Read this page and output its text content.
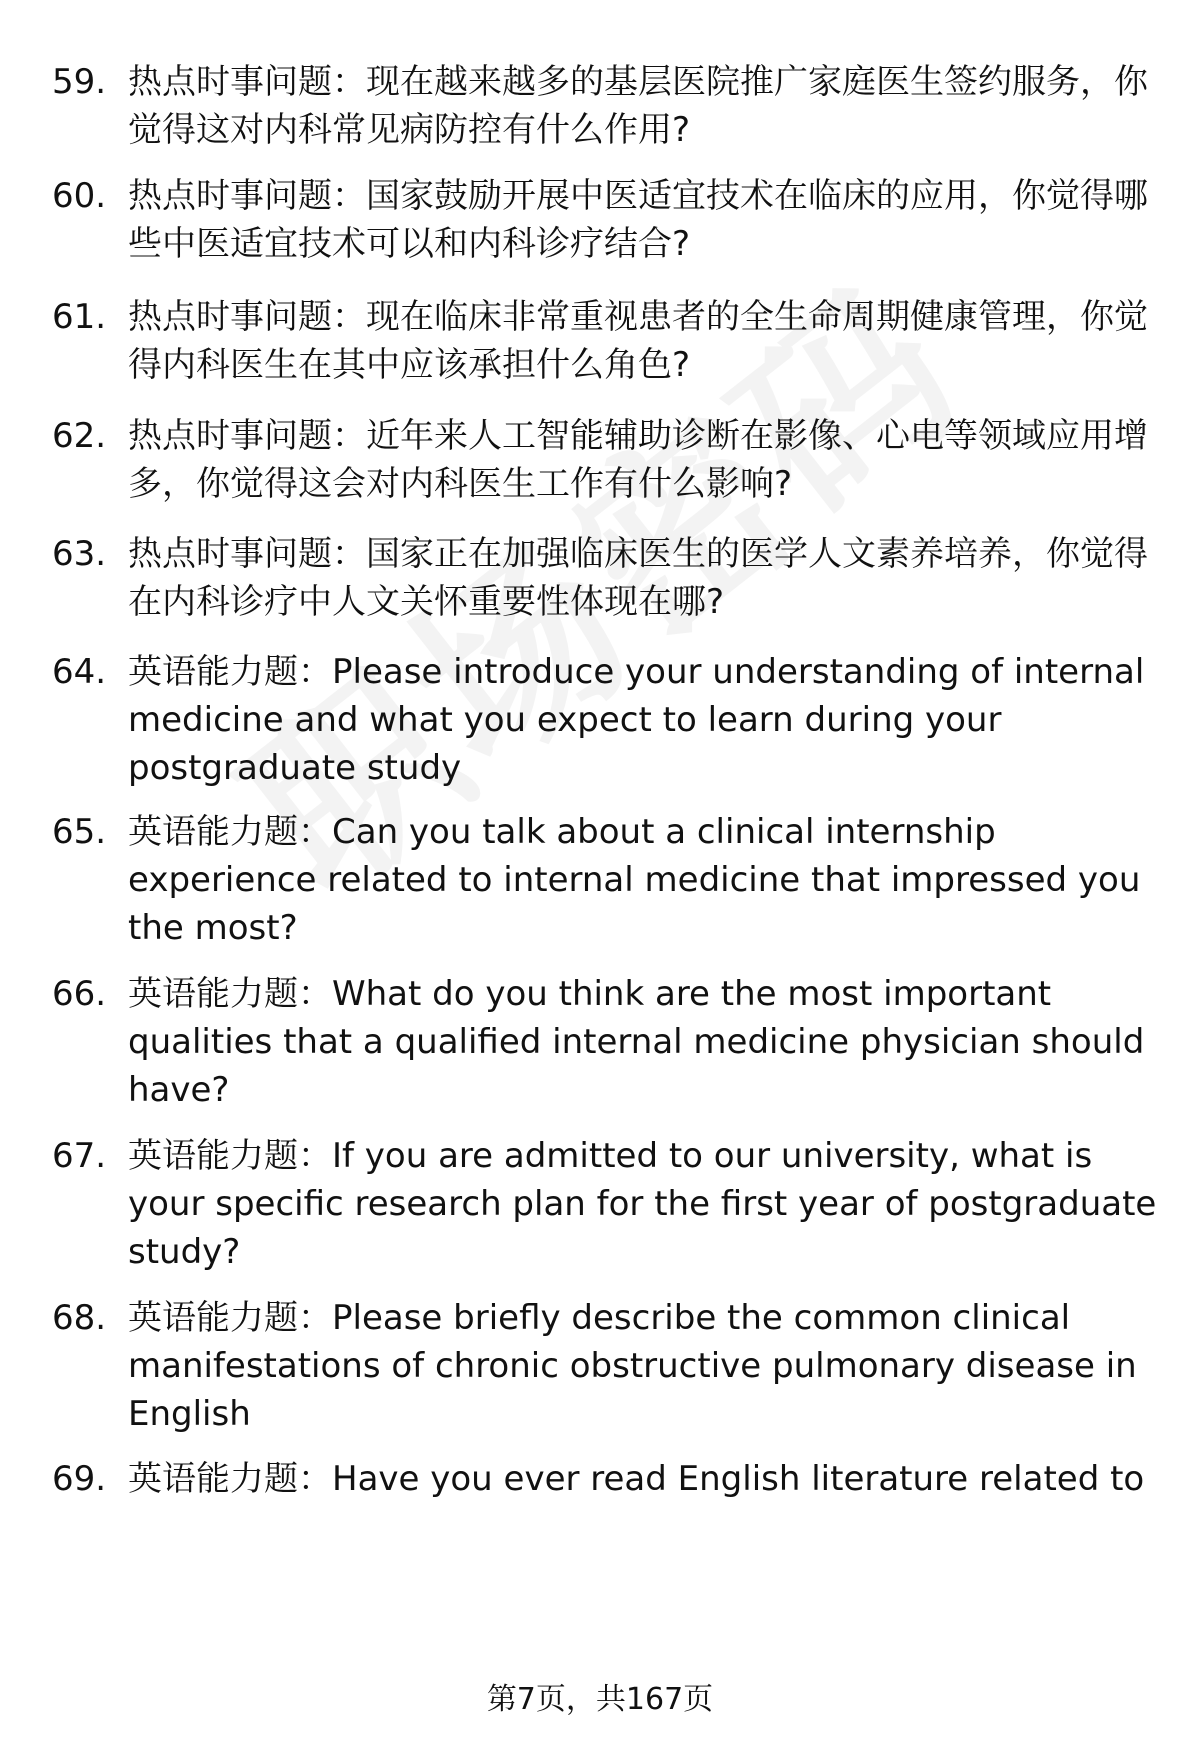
59. 热点时事问题：现在越来越多的基层医院推广家庭医生签约服务，你觉得这对内科常见病防控有什么作用?
60. 热点时事问题：国家鼓励开展中医适宜技术在临床的应用，你觉得哪些中医适宜技术可以和内科诊疗结合?
61. 热点时事问题：现在临床非常重视患者的全生命周期健康管理，你觉得内科医生在其中应该承担什么角色?
62. 热点时事问题：近年来人工智能辅助诊断在影像、心电等领域应用增多，你觉得这会对内科医生工作有什么影响?
63. 热点时事问题：国家正在加强临床医生的医学人文素养培养，你觉得在内科诊疗中人文关怀重要性体现在哪?
64. 英语能力题：Please introduce your understanding of internal medicine and what you expect to learn during your postgraduate study
65. 英语能力题：Can you talk about a clinical internship experience related to internal medicine that impressed you the most?
66. 英语能力题：What do you think are the most important qualities that a qualified internal medicine physician should have?
67. 英语能力题：If you are admitted to our university, what is your specific research plan for the first year of postgraduate study?
68. 英语能力题：Please briefly describe the common clinical manifestations of chronic obstructive pulmonary disease in English
69. 英语能力题：Have you ever read English literature related to
第7页，共167页
